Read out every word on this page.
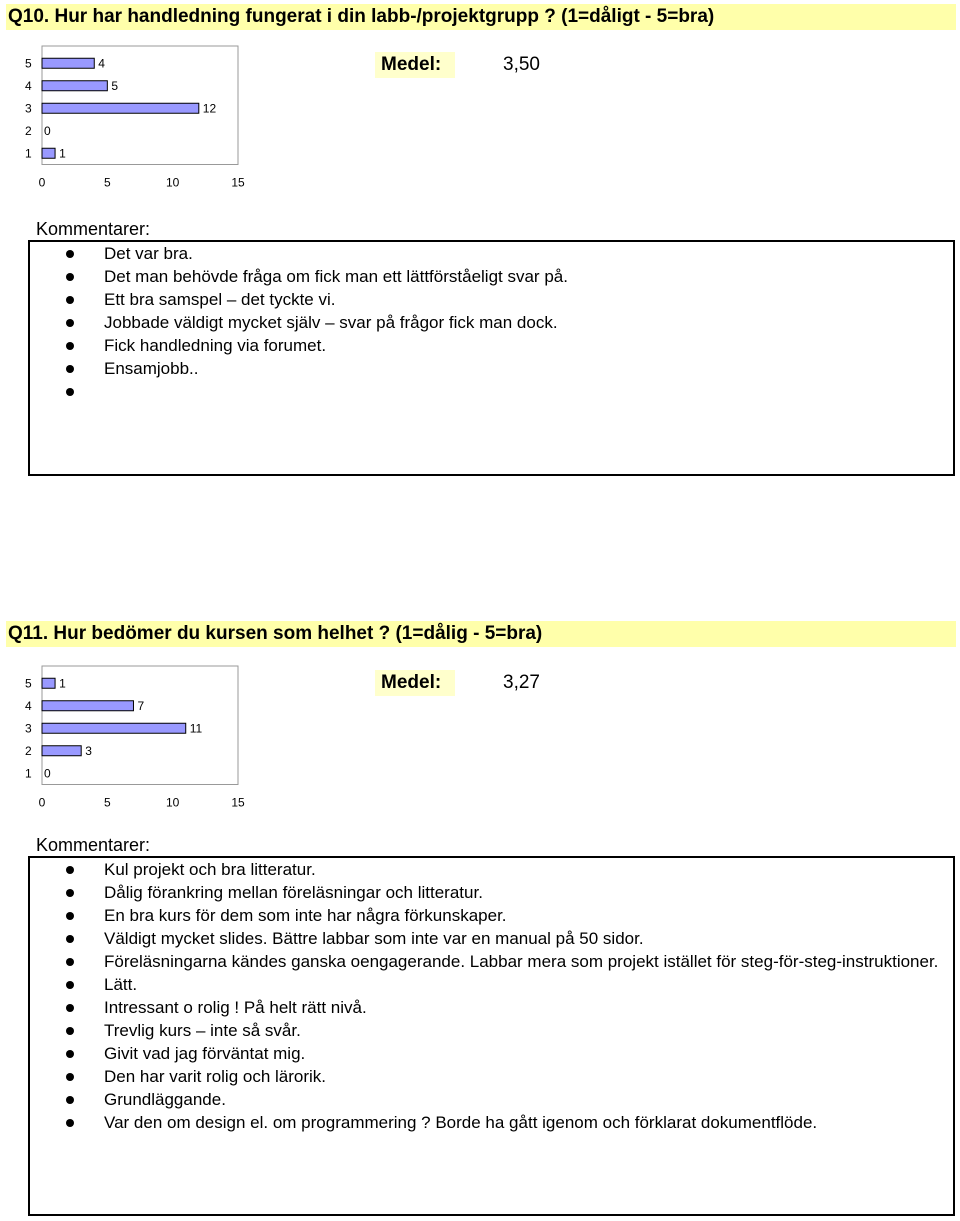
Q10. Hur har handledning fungerat i din labb-/projektgrupp ? (1=dåligt - 5=bra)
5	4
4	5
3	12
2 0
1 1
0	5	10	15
Medel:	3,50
Kommentarer:
Det var bra.
Det man behövde fråga om fick man ett lättförståeligt svar på.
Ett bra samspel – det tyckte vi.
Jobbade väldigt mycket själv – svar på frågor fick man dock.
Fick handledning via forumet.
Ensamjobb..
Q11. Hur bedömer du kursen som helhet ? (1=dålig - 5=bra)
5 1
4	7
3	11
2	3
1 0
0	5	10	15
Medel:	3,27
Kommentarer:
Kul projekt och bra litteratur.
Dålig förankring mellan föreläsningar och litteratur.
En bra kurs för dem som inte har några förkunskaper.
Väldigt mycket slides. Bättre labbar som inte var en manual på 50 sidor.
Föreläsningarna kändes ganska oengagerande. Labbar mera som projekt istället för steg-för-steg-instruktioner.
Lätt.
Intressant o rolig ! På helt rätt nivå.
Trevlig kurs – inte så svår.
Givit vad jag förväntat mig.
Den har varit rolig och lärorik.
Grundläggande.
Var den om design el. om programmering ? Borde ha gått igenom och förklarat dokumentflöde.
